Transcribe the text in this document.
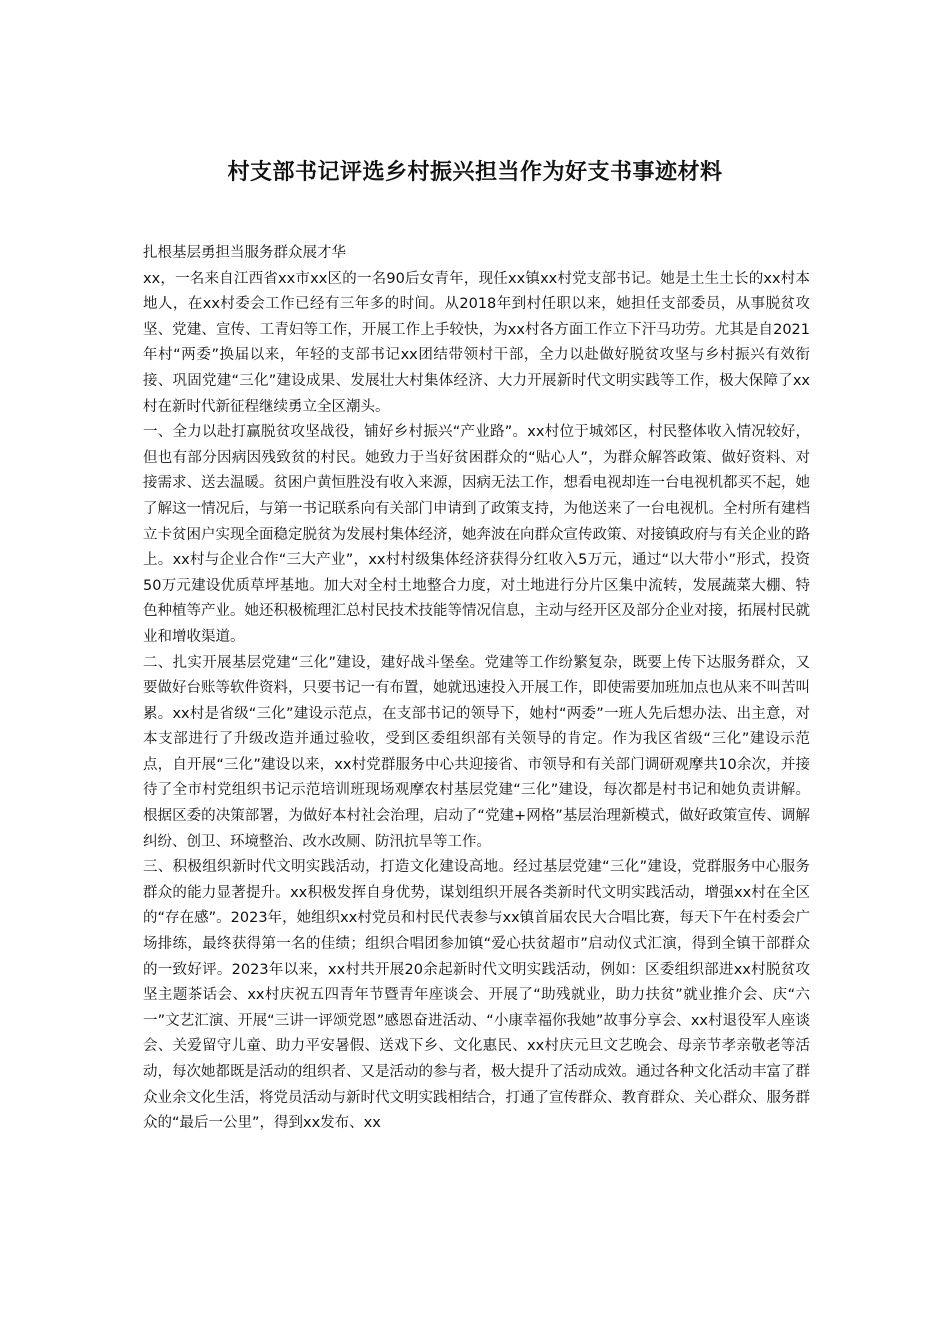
村支部书记评选乡村振兴担当作为好支书事迹材料

扎根基层勇担当服务群众展才华

xx，一名来自江西省xx市xx区的一名90后女青年，现任xx镇xx村党支部书记。她是土生土长的xx村本地人，在xx村委会工作已经有三年多的时间。从2018年到村任职以来，她担任支部委员，从事脱贫攻坚、党建、宣传、工青妇等工作，开展工作上手较快，为xx村各方面工作立下汗马功劳。尤其是自2021年村“两委”换届以来，年轻的支部书记xx团结带领村干部，全力以赴做好脱贫攻坚与乡村振兴有效衔接、巩固党建“三化”建设成果、发展壮大村集体经济、大力开展新时代文明实践等工作，极大保障了xx村在新时代新征程继续勇立全区潮头。

一、全力以赴打赢脱贫攻坚战役，铺好乡村振兴“产业路”。xx村位于城郊区，村民整体收入情况较好，但也有部分因病因残致贫的村民。她致力于当好贫困群众的“贴心人”，为群众解答政策、做好资料、对接需求、送去温暖。贫困户黄恒胜没有收入来源，因病无法工作，想看电视却连一台电视机都买不起，她了解这一情况后，与第一书记联系向有关部门申请到了政策支持，为他送来了一台电视机。全村所有建档立卡贫困户实现全面稳定脱贫为发展村集体经济，她奔波在向群众宣传政策、对接镇政府与有关企业的路上。xx村与企业合作“三大产业”，xx村村级集体经济获得分红收入5万元，通过“以大带小”形式，投资50万元建设优质草坪基地。加大对全村土地整合力度，对土地进行分片区集中流转，发展蔬菜大棚、特色种植等产业。她还积极梳理汇总村民技术技能等情况信息，主动与经开区及部分企业对接，拓展村民就业和增收渠道。

二、扎实开展基层党建“三化”建设，建好战斗堡垒。党建等工作纷繁复杂，既要上传下达服务群众，又要做好台账等软件资料，只要书记一有布置，她就迅速投入开展工作，即使需要加班加点也从来不叫苦叫累。xx村是省级“三化”建设示范点，在支部书记的领导下，她村“两委”一班人先后想办法、出主意，对本支部进行了升级改造并通过验收，受到区委组织部有关领导的肯定。作为我区省级“三化”建设示范点，自开展“三化”建设以来，xx村党群服务中心共迎接省、市领导和有关部门调研观摩共10余次，并接待了全市村党组织书记示范培训班现场观摩农村基层党建“三化”建设，每次都是村书记和她负责讲解。根据区委的决策部署，为做好本村社会治理，启动了“党建+网格”基层治理新模式，做好政策宣传、调解纠纷、创卫、环境整治、改水改厕、防汛抗旱等工作。

三、积极组织新时代文明实践活动，打造文化建设高地。经过基层党建“三化”建设，党群服务中心服务群众的能力显著提升。xx积极发挥自身优势，谋划组织开展各类新时代文明实践活动，增强xx村在全区的“存在感”。2023年，她组织xx村党员和村民代表参与xx镇首届农民大合唱比赛，每天下午在村委会广场排练，最终获得第一名的佳绩；组织合唱团参加镇“爱心扶贫超市”启动仪式汇演，得到全镇干部群众的一致好评。2023年以来，xx村共开展20余起新时代文明实践活动，例如：区委组织部进xx村脱贫攻坚主题茶话会、xx村庆祝五四青年节暨青年座谈会、开展了“助残就业，助力扶贫”就业推介会、庆“六一”文艺汇演、开展“三讲一评颂党恩”感恩奋进活动、“小康幸福你我她”故事分享会、xx村退役军人座谈会、关爱留守儿童、助力平安暑假、送戏下乡、文化惠民、xx村庆元旦文艺晚会、母亲节孝亲敬老等活动，每次她都既是活动的组织者、又是活动的参与者，极大提升了活动成效。通过各种文化活动丰富了群众业余文化生活，将党员活动与新时代文明实践相结合，打通了宣传群众、教育群众、关心群众、服务群众的“最后一公里”，得到xx发布、xx
